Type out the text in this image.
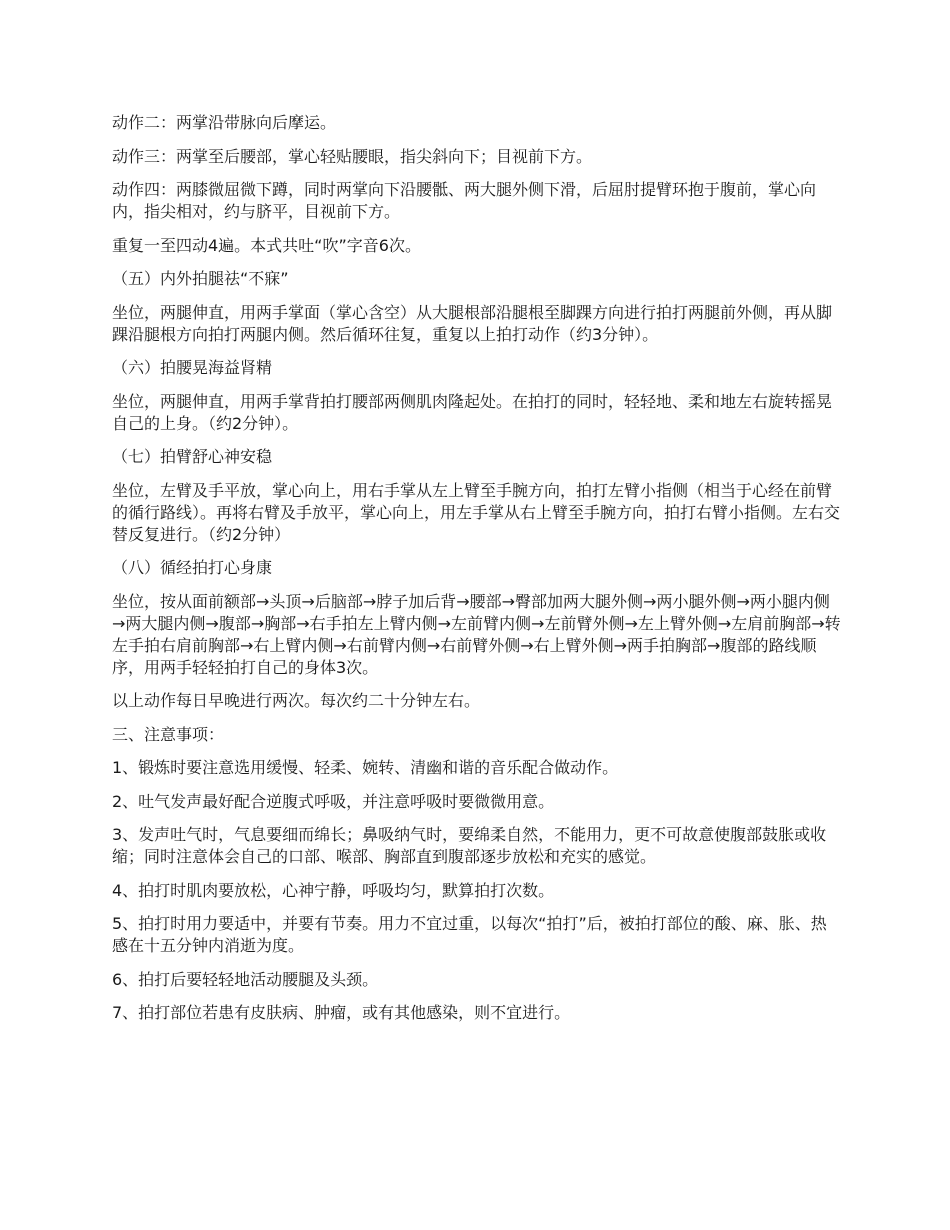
动作二：两掌沿带脉向后摩运。

动作三：两掌至后腰部，掌心轻贴腰眼，指尖斜向下；目视前下方。

动作四：两膝微屈微下蹲，同时两掌向下沿腰骶、两大腿外侧下滑，后屈肘提臂环抱于腹前，掌心向内，指尖相对，约与脐平，目视前下方。

重复一至四动4遍。本式共吐“吹”字音6次。

（五）内外拍腿祛“不寐”

坐位，两腿伸直，用两手掌面（掌心含空）从大腿根部沿腿根至脚踝方向进行拍打两腿前外侧，再从脚踝沿腿根方向拍打两腿内侧。然后循环往复，重复以上拍打动作（约3分钟）。

（六）拍腰晃海益肾精

坐位，两腿伸直，用两手掌背拍打腰部两侧肌肉隆起处。在拍打的同时，轻轻地、柔和地左右旋转摇晃自己的上身。（约2分钟）。

（七）拍臂舒心神安稳

坐位，左臂及手平放，掌心向上，用右手掌从左上臂至手腕方向，拍打左臂小指侧（相当于心经在前臂的循行路线）。再将右臂及手放平，掌心向上，用左手掌从右上臂至手腕方向，拍打右臂小指侧。左右交替反复进行。（约2分钟）

（八）循经拍打心身康

坐位，按从面前额部→头顶→后脑部→脖子加后背→腰部→臀部加两大腿外侧→两小腿外侧→两小腿内侧→两大腿内侧→腹部→胸部→右手拍左上臂内侧→左前臂内侧→左前臂外侧→左上臂外侧→左肩前胸部→转左手拍右肩前胸部→右上臂内侧→右前臂内侧→右前臂外侧→右上臂外侧→两手拍胸部→腹部的路线顺序，用两手轻轻拍打自己的身体3次。

以上动作每日早晚进行两次。每次约二十分钟左右。

三、注意事项：

1、锻炼时要注意选用缓慢、轻柔、婉转、清幽和谐的音乐配合做动作。

2、吐气发声最好配合逆腹式呼吸，并注意呼吸时要微微用意。

3、发声吐气时，气息要细而绵长；鼻吸纳气时，要绵柔自然，不能用力，更不可故意使腹部鼓胀或收缩；同时注意体会自己的口部、喉部、胸部直到腹部逐步放松和充实的感觉。

4、拍打时肌肉要放松，心神宁静，呼吸均匀，默算拍打次数。

5、拍打时用力要适中，并要有节奏。用力不宜过重，以每次“拍打”后，被拍打部位的酸、麻、胀、热感在十五分钟内消逝为度。

6、拍打后要轻轻地活动腰腿及头颈。

7、拍打部位若患有皮肤病、肿瘤，或有其他感染，则不宜进行。
